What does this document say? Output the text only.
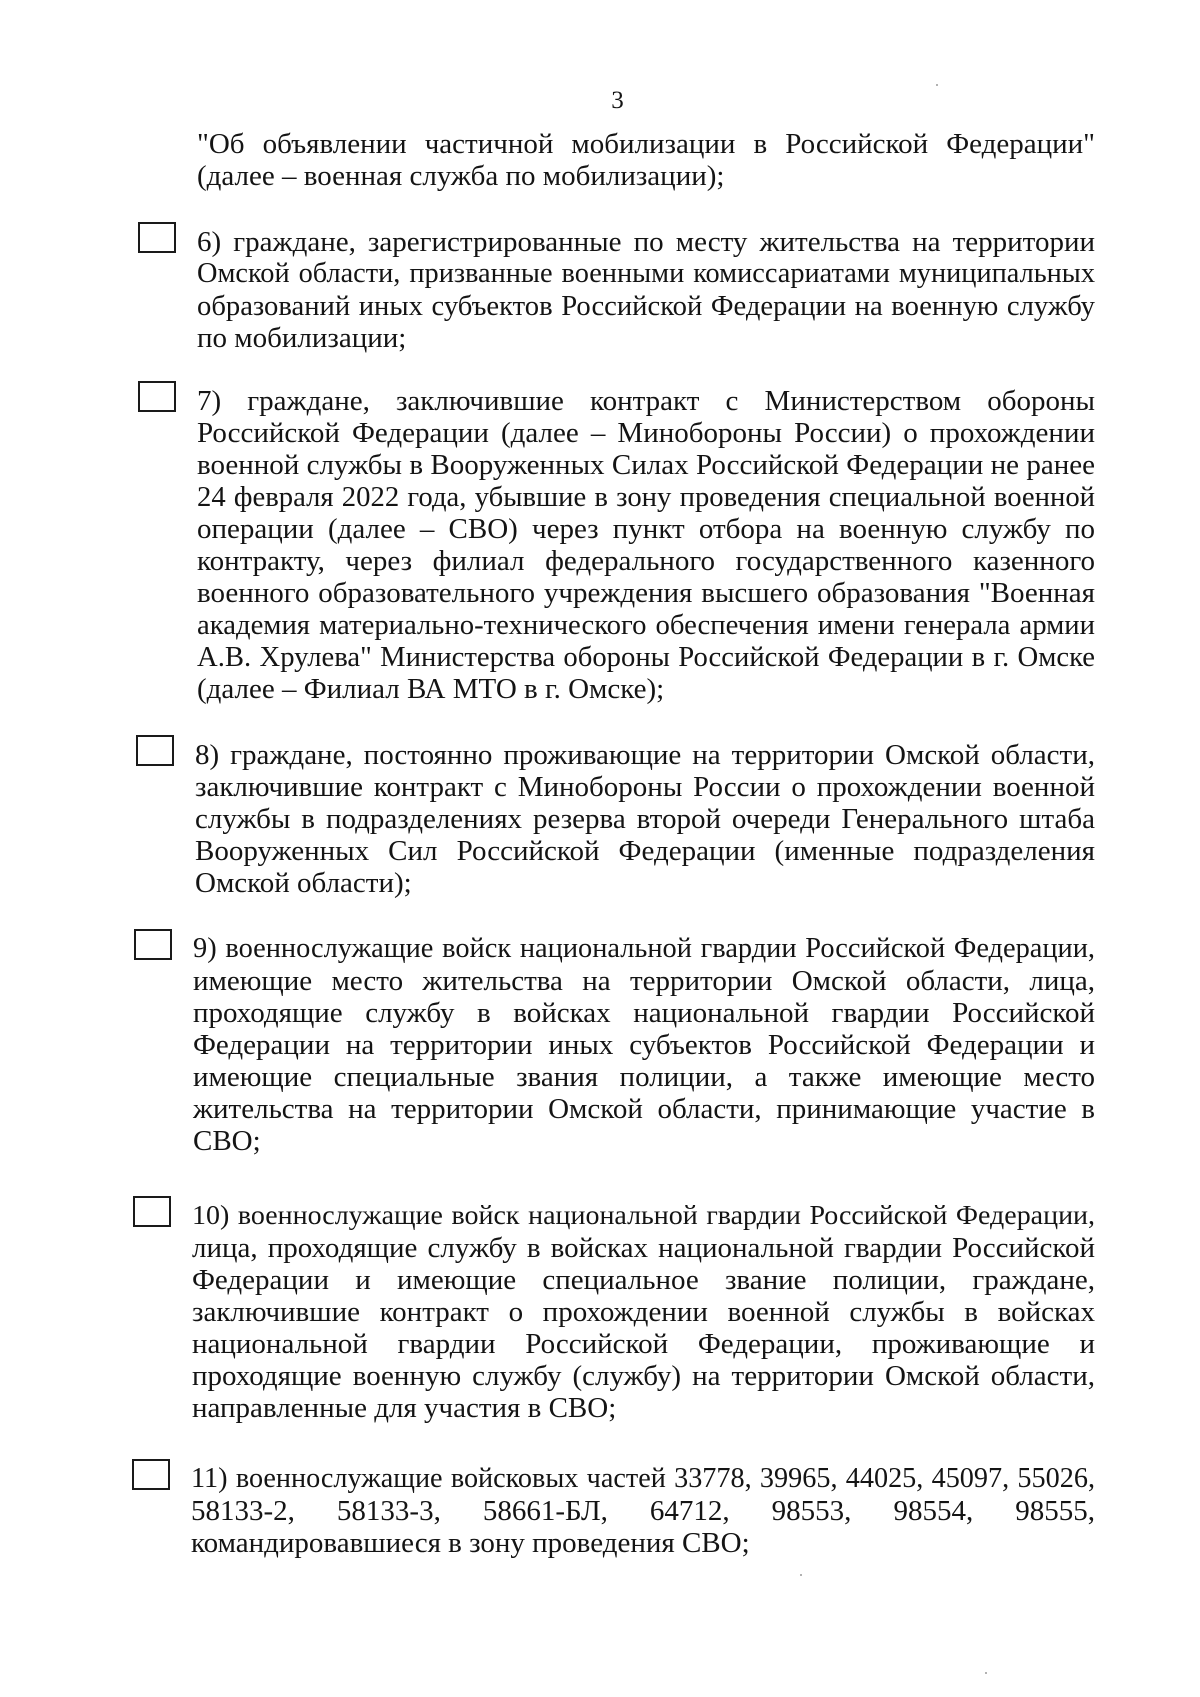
3
"Об объявлении частичной мобилизации в Российской Федерации"
(далее – военная служба по мобилизации);
6) граждане, зарегистрированные по месту жительства на территории
Омской области, призванные военными комиссариатами муниципальных
образований иных субъектов Российской Федерации на военную службу
по мобилизации;
7) граждане, заключившие контракт с Министерством обороны
Российской Федерации (далее – Минобороны России) о прохождении
военной службы в Вооруженных Силах Российской Федерации не ранее
24 февраля 2022 года, убывшие в зону проведения специальной военной
операции (далее – СВО) через пункт отбора на военную службу по
контракту, через филиал федерального государственного казенного
военного образовательного учреждения высшего образования "Военная
академия материально-технического обеспечения имени генерала армии
А.В. Хрулева" Министерства обороны Российской Федерации в г. Омске
(далее – Филиал ВА МТО в г. Омске);
8) граждане, постоянно проживающие на территории Омской области,
заключившие контракт с Минобороны России о прохождении военной
службы в подразделениях резерва второй очереди Генерального штаба
Вооруженных Сил Российской Федерации (именные подразделения
Омской области);
9) военнослужащие войск национальной гвардии Российской Федерации,
имеющие место жительства на территории Омской области, лица,
проходящие службу в войсках национальной гвардии Российской
Федерации на территории иных субъектов Российской Федерации и
имеющие специальные звания полиции, а также имеющие место
жительства на территории Омской области, принимающие участие в
СВО;
10) военнослужащие войск национальной гвардии Российской Федерации,
лица, проходящие службу в войсках национальной гвардии Российской
Федерации и имеющие специальное звание полиции, граждане,
заключившие контракт о прохождении военной службы в войсках
национальной гвардии Российской Федерации, проживающие и
проходящие военную службу (службу) на территории Омской области,
направленные для участия в СВО;
11) военнослужащие войсковых частей 33778, 39965, 44025, 45097, 55026,
58133-2, 58133-3, 58661-БЛ, 64712, 98553, 98554, 98555,
командировавшиеся в зону проведения СВО;
